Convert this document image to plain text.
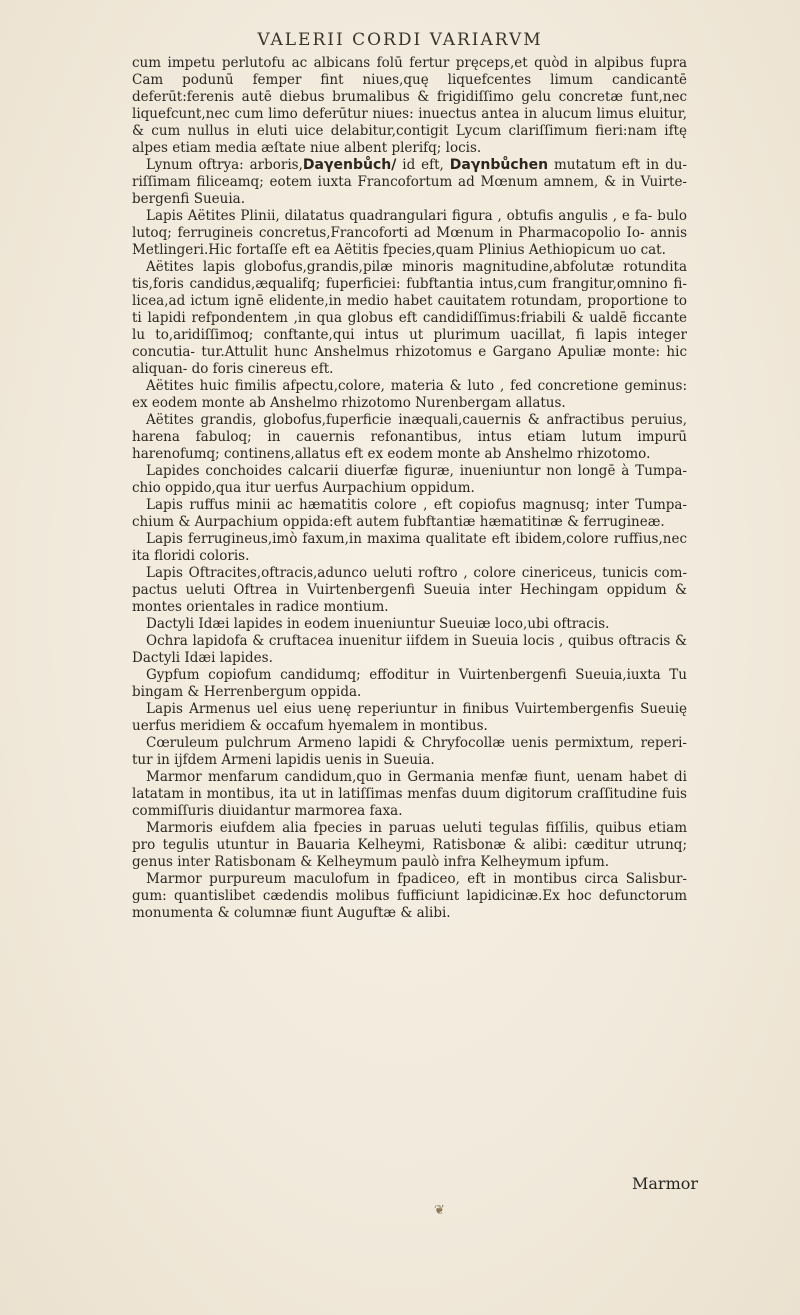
VALERII CORDI VARIARVM

cum impetu perlutofu ac albicans folū fertur pręceps,et quòd in alpibus fupra Cam podunū femper fint niues,quę liquefcentes limum candicantē deferūt:ferenis autē diebus brumalibus & frigidiſſimo gelu concretæ funt,nec liquefcunt,nec cum limo deferūtur niues: inuectus antea in alucum limus eluitur, & cum nullus in eluti uice delabitur,contigit Lycum clariſſimum fieri:nam iftę alpes etiam media æſtate niue albent plerifq; locis.

Lynum oftrya: arboris,Daγenbůch/ id eft, Daγnbůchen mutatum eft in du- riſſimam filiceamq; eotem iuxta Francofortum ad Mœnum amnem, & in Vuirte- bergenfi Sueuia.

Lapis Aëtites Plinii, dilatatus quadrangulari figura , obtufis angulis , e fa- bulo lutoq; ferrugineis concretus,Francoforti ad Mœnum in Pharmacopolio Io- annis Metlingeri.Hic fortaſſe eft ea Aëtitis fpecies,quam Plinius Aethiopicum uo cat.

Aëtites lapis globofus,grandis,pilæ minoris magnitudine,abfolutæ rotundita tis,foris candidus,æqualifq; fuperficiei: fubftantia intus,cum frangitur,omnino fi- licea,ad ictum ignē elidente,in medio habet cauitatem rotundam, proportione to ti lapidi refpondentem ,in qua globus eft candidiſſimus:friabili & ualdē ficcante lu to,aridiſſimoq; conftante,qui intus ut plurimum uacillat, fi lapis integer concutia- tur.Attulit hunc Anshelmus rhizotomus e Gargano Apuliæ monte: hic aliquan- do foris cinereus eft.

Aëtites huic fimilis afpectu,colore, materia & luto , fed concretione geminus: ex eodem monte ab Anshelmo rhizotomo Nurenbergam allatus.

Aëtites grandis, globofus,fuperficie inæquali,cauernis & anfractibus peruius, harena fabuloq; in cauernis refonantibus, intus etiam lutum impurū harenofumq; continens,allatus eft ex eodem monte ab Anshelmo rhizotomo.

Lapides conchoides calcarii diuerfæ figuræ, inueniuntur non longē à Tumpa- chio oppido,qua itur uerfus Aurpachium oppidum.

Lapis ruffus minii ac hæmatitis colore , eft copiofus magnusq; inter Tumpa- chium & Aurpachium oppida:eft autem fubftantiæ hæmatitinæ & ferrugineæ.

Lapis ferrugineus,imò faxum,in maxima qualitate eft ibidem,colore ruffius,nec ita floridi coloris.

Lapis Oftracites,oftracis,adunco ueluti roftro , colore cinericeus, tunicis com- pactus ueluti Oftrea in Vuirtenbergenfi Sueuia inter Hechingam oppidum & montes orientales in radice montium.

Dactyli Idæi lapides in eodem inueniuntur Sueuiæ loco,ubi oftracis.

Ochra lapidofa & cruftacea inuenitur iifdem in Sueuia locis , quibus oftracis & Dactyli Idæi lapides.

Gypfum copiofum candidumq; effoditur in Vuirtenbergenfi Sueuia,iuxta Tu bingam & Herrenbergum oppida.

Lapis Armenus uel eius uenę reperiuntur in finibus Vuirtembergenfis Sueuię uerfus meridiem & occafum hyemalem in montibus.

Cœruleum pulchrum Armeno lapidi & Chryfocollæ uenis permixtum, reperi- tur in ijfdem Armeni lapidis uenis in Sueuia.

Marmor menfarum candidum,quo in Germania menfæ fiunt, uenam habet di latatam in montibus, ita ut in latiſſimas menfas duum digitorum craſſitudine fuis commiſſuris diuidantur marmorea faxa.

Marmoris eiufdem alia fpecies in paruas ueluti tegulas fiſſilis, quibus etiam pro tegulis utuntur in Bauaria Kelheymi, Ratisbonæ & alibi: cæditur utrunq; genus inter Ratisbonam & Kelheymum paulò infra Kelheymum ipfum.

Marmor purpureum maculofum in fpadiceo, eft in montibus circa Salisbur- gum: quantislibet cædendis molibus fufficiunt lapidicinæ.Ex hoc defunctorum monumenta & columnæ fiunt Auguftæ & alibi.

Marmor
❦
